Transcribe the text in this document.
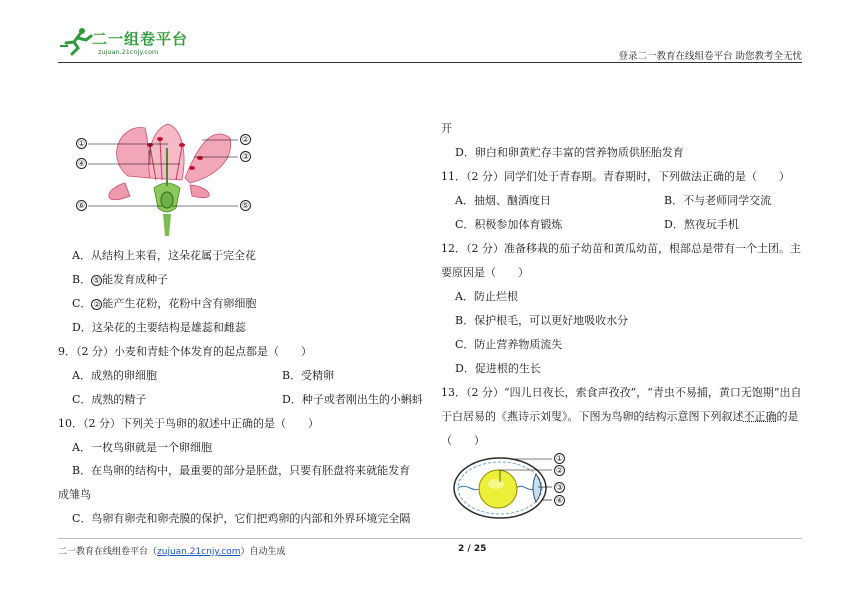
二一组卷平台
zujuan.21cnjy.com	登录二一教育在线组卷平台 助您教考全无忧
①	②
③
④
⑤
⑥
A．从结构上来看，这朵花属于完全花
B． ⑤ 能发育成种子
C． ② 能产生花粉，花粉中含有卵细胞
D．这朵花的主要结构是雄蕊和雌蕊
9．（2 分）小麦和青蛙个体发育的起点都是（　　）
A．成熟的卵细胞	B．受精卵
C．成熟的精子	D．种子或者刚出生的小蝌蚪
10．（2 分）下列关于鸟卵的叙述中正确的是（　　）
A．一枚鸟卵就是一个卵细胞
B．在鸟卵的结构中，最重要的部分是胚盘，只要有胚盘将来就能发育
成雏鸟
C．鸟卵有卵壳和卵壳膜的保护，它们把鸡卵的内部和外界环境完全隔
开
D．卵白和卵黄贮存丰富的营养物质供胚胎发育
11．（2 分）同学们处于青春期。青春期时，下列做法正确的是（　　）
A．抽烟、酗酒度日	B．不与老师同学交流
C．积极参加体育锻炼	D．熬夜玩手机
12．（2 分）准备移栽的茄子幼苗和黄瓜幼苗，根部总是带有一个土团。主
要原因是（　　）
A．防止烂根
B．保护根毛，可以更好地吸收水分
C．防止营养物质流失
D．促进根的生长
13．（2 分）“四儿日夜长，索食声孜孜”，“青虫不易捕，黄口无饱期”出自
于白居易的《燕诗示刘叟》。下图为鸟卵的结构示意图下列叙述不正确的是
（　　）
①
②
③
④
二一教育在线组卷平台（zujuan.21cnjy.com）自动生成	2 / 25
